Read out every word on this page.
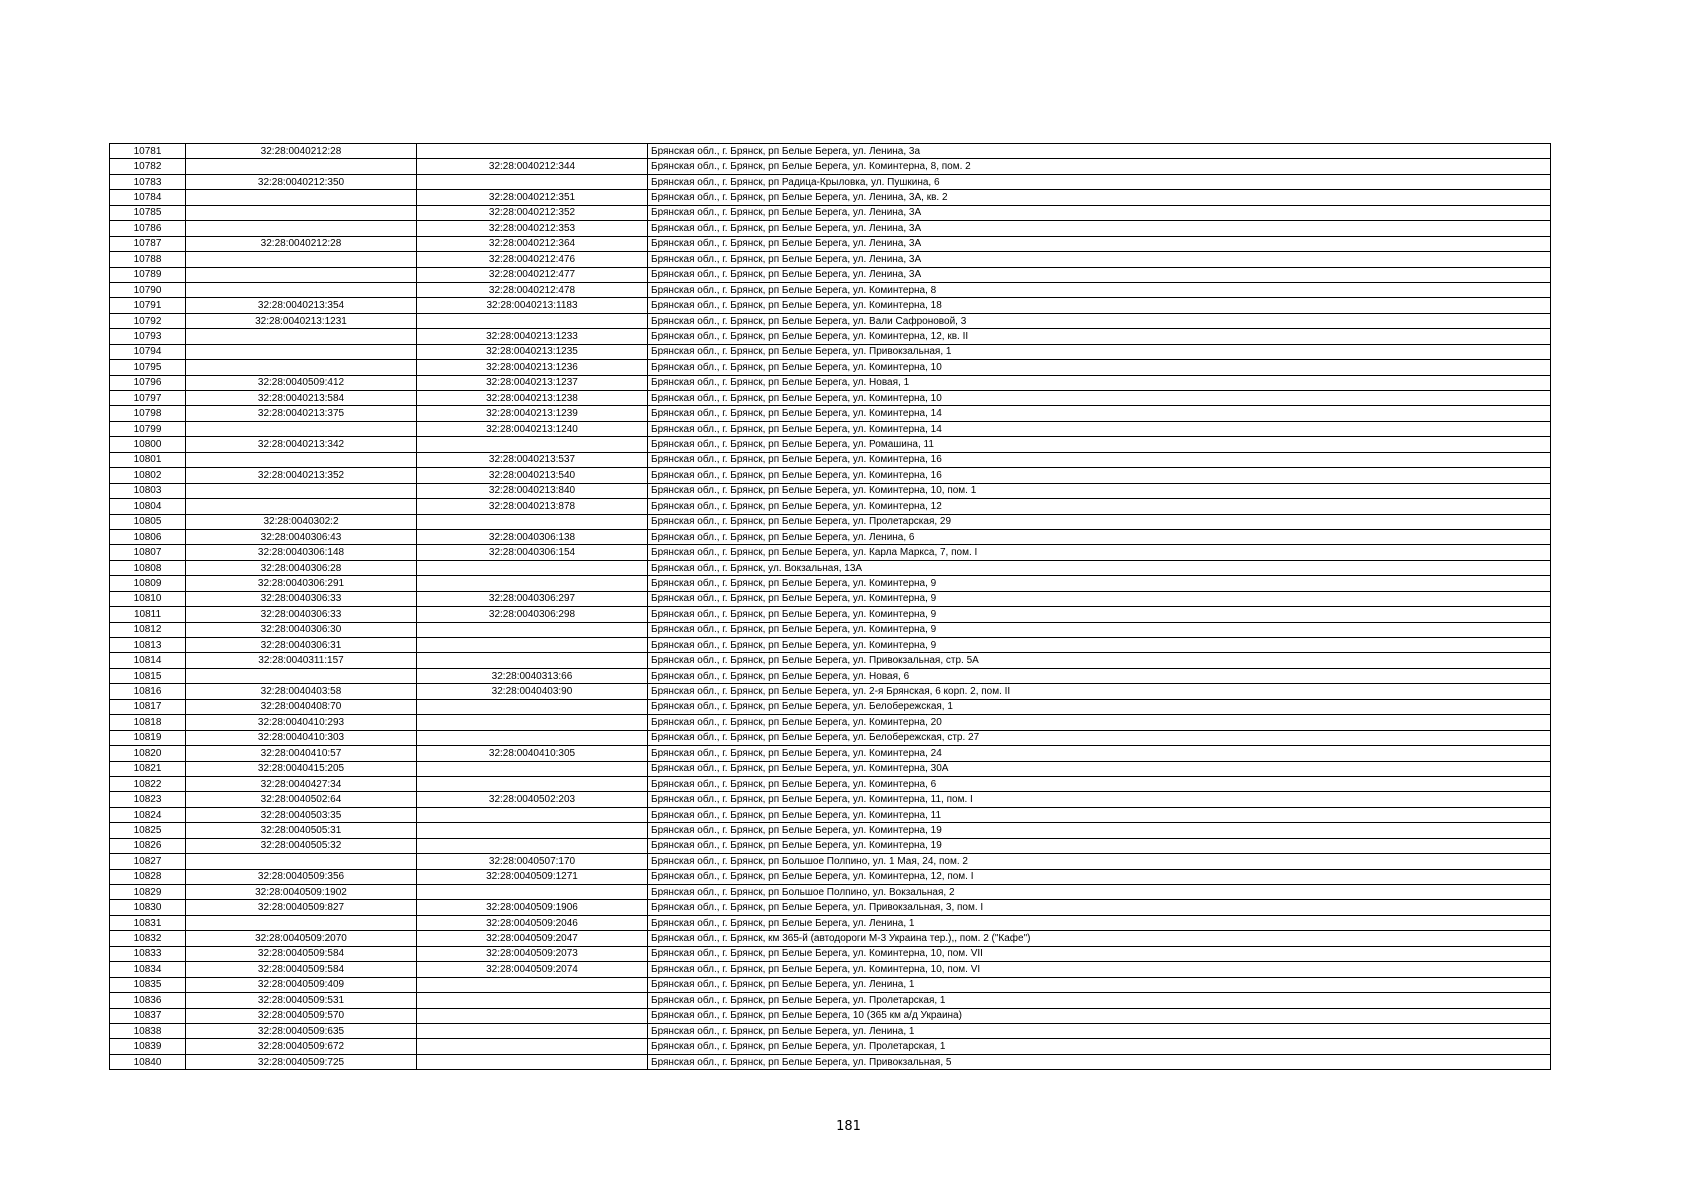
10781	32:28:0040212:28		Брянская обл., г. Брянск, рп Белые Берега, ул. Ленина, 3а
10782		32:28:0040212:344	Брянская обл., г. Брянск, рп Белые Берега, ул. Коминтерна, 8, пом. 2
10783	32:28:0040212:350		Брянская обл., г. Брянск, рп Радица-Крыловка, ул. Пушкина, 6
10784		32:28:0040212:351	Брянская обл., г. Брянск, рп Белые Берега, ул. Ленина, 3А, кв. 2
10785		32:28:0040212:352	Брянская обл., г. Брянск, рп Белые Берега, ул. Ленина, 3А
10786		32:28:0040212:353	Брянская обл., г. Брянск, рп Белые Берега, ул. Ленина, 3А
10787	32:28:0040212:28	32:28:0040212:364	Брянская обл., г. Брянск, рп Белые Берега, ул. Ленина, 3А
10788		32:28:0040212:476	Брянская обл., г. Брянск, рп Белые Берега, ул. Ленина, 3А
10789		32:28:0040212:477	Брянская обл., г. Брянск, рп Белые Берега, ул. Ленина, 3А
10790		32:28:0040212:478	Брянская обл., г. Брянск, рп Белые Берега, ул. Коминтерна, 8
10791	32:28:0040213:354	32:28:0040213:1183	Брянская обл., г. Брянск, рп Белые Берега, ул. Коминтерна, 18
10792	32:28:0040213:1231		Брянская обл., г. Брянск, рп Белые Берега, ул. Вали Сафроновой, 3
10793		32:28:0040213:1233	Брянская обл., г. Брянск, рп Белые Берега, ул. Коминтерна, 12, кв. II
10794		32:28:0040213:1235	Брянская обл., г. Брянск, рп Белые Берега, ул. Привокзальная, 1
10795		32:28:0040213:1236	Брянская обл., г. Брянск, рп Белые Берега, ул. Коминтерна, 10
10796	32:28:0040509:412	32:28:0040213:1237	Брянская обл., г. Брянск, рп Белые Берега, ул. Новая, 1
10797	32:28:0040213:584	32:28:0040213:1238	Брянская обл., г. Брянск, рп Белые Берега, ул. Коминтерна, 10
10798	32:28:0040213:375	32:28:0040213:1239	Брянская обл., г. Брянск, рп Белые Берега, ул. Коминтерна, 14
10799		32:28:0040213:1240	Брянская обл., г. Брянск, рп Белые Берега, ул. Коминтерна, 14
10800	32:28:0040213:342		Брянская обл., г. Брянск, рп Белые Берега, ул. Ромашина, 11
10801		32:28:0040213:537	Брянская обл., г. Брянск, рп Белые Берега, ул. Коминтерна, 16
10802	32:28:0040213:352	32:28:0040213:540	Брянская обл., г. Брянск, рп Белые Берега, ул. Коминтерна, 16
10803		32:28:0040213:840	Брянская обл., г. Брянск, рп Белые Берега, ул. Коминтерна, 10, пом. 1
10804		32:28:0040213:878	Брянская обл., г. Брянск, рп Белые Берега, ул. Коминтерна, 12
10805	32:28:0040302:2		Брянская обл., г. Брянск, рп Белые Берега, ул. Пролетарская, 29
10806	32:28:0040306:43	32:28:0040306:138	Брянская обл., г. Брянск, рп Белые Берега, ул. Ленина, 6
10807	32:28:0040306:148	32:28:0040306:154	Брянская обл., г. Брянск, рп Белые Берега, ул. Карла Маркса, 7, пом. I
10808	32:28:0040306:28		Брянская обл., г. Брянск, ул. Вокзальная, 13А
10809	32:28:0040306:291		Брянская обл., г. Брянск, рп Белые Берега, ул. Коминтерна, 9
10810	32:28:0040306:33	32:28:0040306:297	Брянская обл., г. Брянск, рп Белые Берега, ул. Коминтерна, 9
10811	32:28:0040306:33	32:28:0040306:298	Брянская обл., г. Брянск, рп Белые Берега, ул. Коминтерна, 9
10812	32:28:0040306:30		Брянская обл., г. Брянск, рп Белые Берега, ул. Коминтерна, 9
10813	32:28:0040306:31		Брянская обл., г. Брянск, рп Белые Берега, ул. Коминтерна, 9
10814	32:28:0040311:157		Брянская обл., г. Брянск, рп Белые Берега, ул. Привокзальная, стр. 5А
10815		32:28:0040313:66	Брянская обл., г. Брянск, рп Белые Берега, ул. Новая, 6
10816	32:28:0040403:58	32:28:0040403:90	Брянская обл., г. Брянск, рп Белые Берега, ул. 2-я Брянская, 6 корп. 2, пом. II
10817	32:28:0040408:70		Брянская обл., г. Брянск, рп Белые Берега, ул. Белобережская, 1
10818	32:28:0040410:293		Брянская обл., г. Брянск, рп Белые Берега, ул. Коминтерна, 20
10819	32:28:0040410:303		Брянская обл., г. Брянск, рп Белые Берега, ул. Белобережская, стр. 27
10820	32:28:0040410:57	32:28:0040410:305	Брянская обл., г. Брянск, рп Белые Берега, ул. Коминтерна, 24
10821	32:28:0040415:205		Брянская обл., г. Брянск, рп Белые Берега, ул. Коминтерна, 30А
10822	32:28:0040427:34		Брянская обл., г. Брянск, рп Белые Берега, ул. Коминтерна, 6
10823	32:28:0040502:64	32:28:0040502:203	Брянская обл., г. Брянск, рп Белые Берега, ул. Коминтерна, 11, пом. I
10824	32:28:0040503:35		Брянская обл., г. Брянск, рп Белые Берега, ул. Коминтерна, 11
10825	32:28:0040505:31		Брянская обл., г. Брянск, рп Белые Берега, ул. Коминтерна, 19
10826	32:28:0040505:32		Брянская обл., г. Брянск, рп Белые Берега, ул. Коминтерна, 19
10827		32:28:0040507:170	Брянская обл., г. Брянск, рп Большое Полпино, ул. 1 Мая, 24, пом. 2
10828	32:28:0040509:356	32:28:0040509:1271	Брянская обл., г. Брянск, рп Белые Берега, ул. Коминтерна, 12, пом. I
10829	32:28:0040509:1902		Брянская обл., г. Брянск, рп Большое Полпино, ул. Вокзальная, 2
10830	32:28:0040509:827	32:28:0040509:1906	Брянская обл., г. Брянск, рп Белые Берега, ул. Привокзальная, 3, пом. I
10831		32:28:0040509:2046	Брянская обл., г. Брянск, рп Белые Берега, ул. Ленина, 1
10832	32:28:0040509:2070	32:28:0040509:2047	Брянская обл., г. Брянск, км 365-й (автодороги М-3 Украина тер.),, пом. 2 ("Кафе")
10833	32:28:0040509:584	32:28:0040509:2073	Брянская обл., г. Брянск, рп Белые Берега, ул. Коминтерна, 10, пом. VII
10834	32:28:0040509:584	32:28:0040509:2074	Брянская обл., г. Брянск, рп Белые Берега, ул. Коминтерна, 10, пом. VI
10835	32:28:0040509:409		Брянская обл., г. Брянск, рп Белые Берега, ул. Ленина, 1
10836	32:28:0040509:531		Брянская обл., г. Брянск, рп Белые Берега, ул. Пролетарская, 1
10837	32:28:0040509:570		Брянская обл., г. Брянск, рп Белые Берега, 10 (365 км а/д Украина)
10838	32:28:0040509:635		Брянская обл., г. Брянск, рп Белые Берега, ул. Ленина, 1
10839	32:28:0040509:672		Брянская обл., г. Брянск, рп Белые Берега, ул. Пролетарская, 1
10840	32:28:0040509:725		Брянская обл., г. Брянск, рп Белые Берега, ул. Привокзальная, 5
181
